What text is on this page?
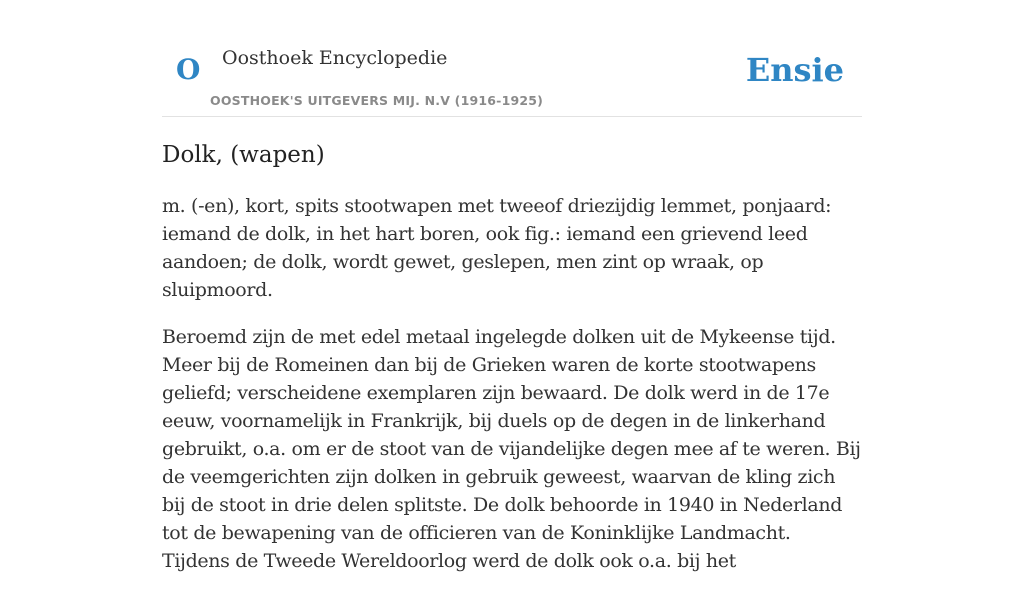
O Oosthoek Encyclopedie
OOSTHOEK'S UITGEVERS MIJ. N.V (1916-1925)
Ensie
Dolk, (wapen)

m. (-en), kort, spits stootwapen met tweeof driezijdig lemmet, ponjaard: iemand de dolk, in het hart boren, ook fig.: iemand een grievend leed aandoen; de dolk, wordt gewet, geslepen, men zint op wraak, op sluipmoord.

Beroemd zijn de met edel metaal ingelegde dolken uit de Mykeense tijd. Meer bij de Romeinen dan bij de Grieken waren de korte stootwapens geliefd; verscheidene exemplaren zijn bewaard. De dolk werd in de 17e eeuw, voornamelijk in Frankrijk, bij duels op de degen in de linkerhand gebruikt, o.a. om er de stoot van de vijandelijke degen mee af te weren. Bij de veemgerichten zijn dolken in gebruik geweest, waarvan de kling zich bij de stoot in drie delen splitste. De dolk behoorde in 1940 in Nederland tot de bewapening van de officieren van de Koninklijke Landmacht. Tijdens de Tweede Wereldoorlog werd de dolk ook o.a. bij het
